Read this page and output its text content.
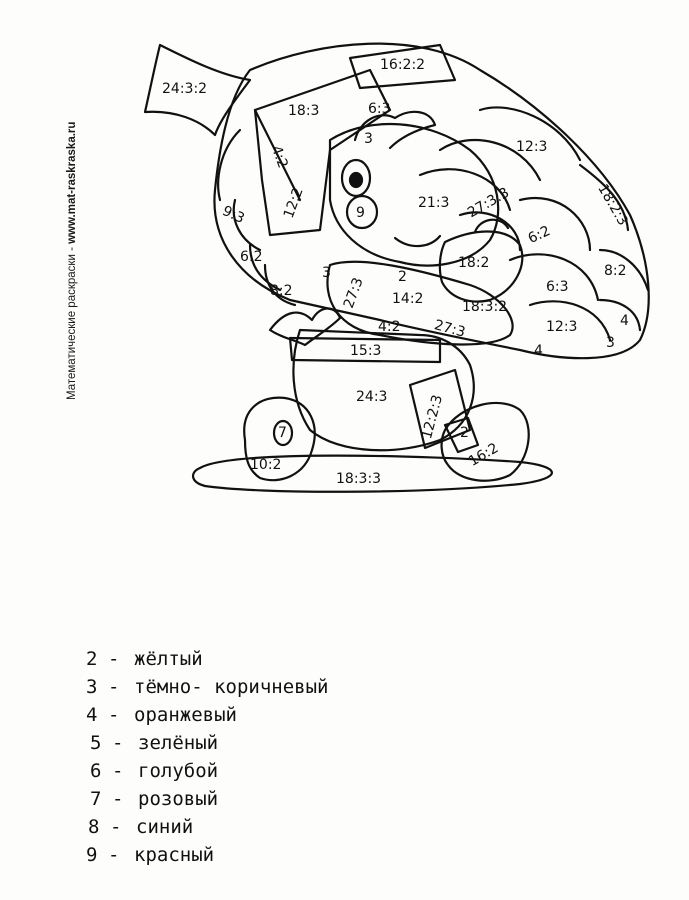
Математические раскраски - www.mat-raskraska.ru
24:3:2
16:2:2
18:3
4:2
12:2
6:3
3	12:3
18:2:3
21:3 27:3:3
6:2
8:2
6:3
12:3	4
3
4
9:3
6:2
8:2
3
9
18:2
27:3 2
14:2
4:2 27:3
18:3:2
15:3
24:3 12:2:3 2
7
10:2	16:2
18:3:3
2 - жёлтый
3 - тёмно- коричневый
4 - оранжевый
5 - зелёный
6 - голубой
7 - розовый
8 - синий
9 - красный
